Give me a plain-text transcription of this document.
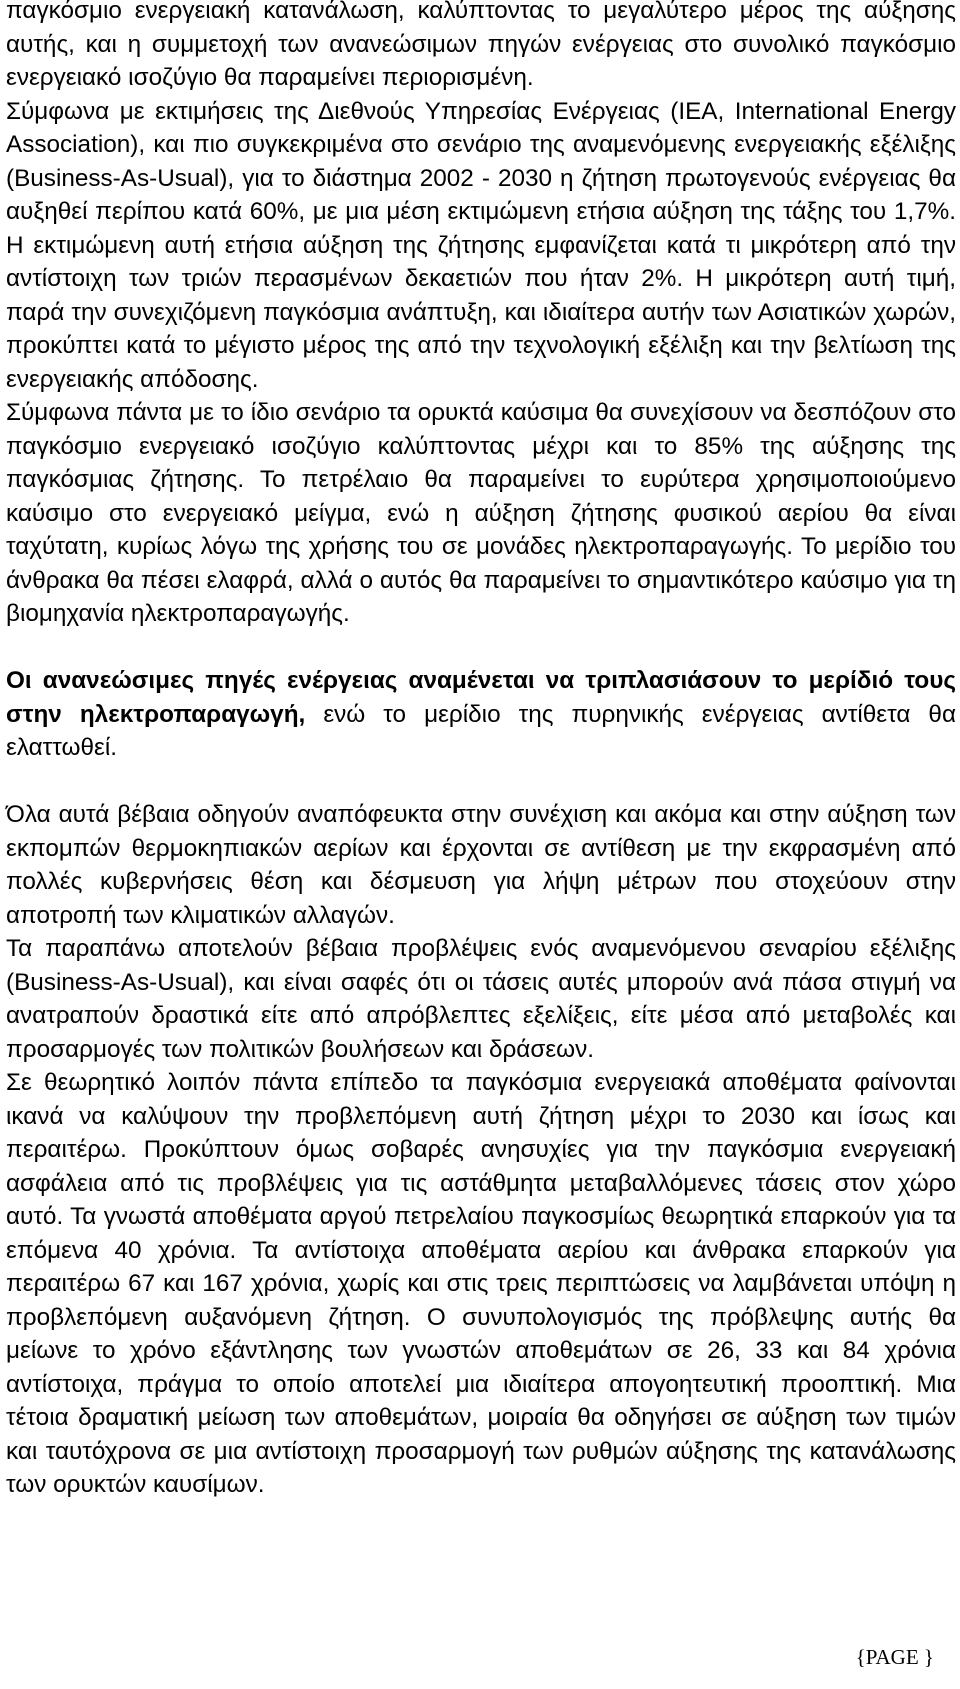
παγκόσμιο ενεργειακή κατανάλωση, καλύπτοντας το μεγαλύτερο μέρος της αύξησης αυτής, και η συμμετοχή των ανανεώσιμων πηγών ενέργειας στο συνολικό παγκόσμιο ενεργειακό ισοζύγιο θα παραμείνει περιορισμένη.

Σύμφωνα με εκτιμήσεις της Διεθνούς Υπηρεσίας Ενέργειας (IEA, International Energy Association), και πιο συγκεκριμένα στο σενάριο της αναμενόμενης ενεργειακής εξέλιξης (Business-As-Usual), για το διάστημα 2002 - 2030 η ζήτηση πρωτογενούς ενέργειας θα αυξηθεί περίπου κατά 60%, με μια μέση εκτιμώμενη ετήσια αύξηση της τάξης του 1,7%. Η εκτιμώμενη αυτή ετήσια αύξηση της ζήτησης εμφανίζεται κατά τι μικρότερη από την αντίστοιχη των τριών περασμένων δεκαετιών που ήταν 2%. Η μικρότερη αυτή τιμή, παρά την συνεχιζόμενη παγκόσμια ανάπτυξη, και ιδιαίτερα αυτήν των Ασιατικών χωρών, προκύπτει κατά το μέγιστο μέρος της από την τεχνολογική εξέλιξη και την βελτίωση της ενεργειακής απόδοσης.

Σύμφωνα πάντα με το ίδιο σενάριο τα ορυκτά καύσιμα θα συνεχίσουν να δεσπόζουν στο παγκόσμιο ενεργειακό ισοζύγιο καλύπτοντας μέχρι και το 85% της αύξησης της παγκόσμιας ζήτησης. Το πετρέλαιο θα παραμείνει το ευρύτερα χρησιμοποιούμενο καύσιμο στο ενεργειακό μείγμα, ενώ η αύξηση ζήτησης φυσικού αερίου θα είναι ταχύτατη, κυρίως λόγω της χρήσης του σε μονάδες ηλεκτροπαραγωγής. Το μερίδιο του άνθρακα θα πέσει ελαφρά, αλλά ο αυτός θα παραμείνει το σημαντικότερο καύσιμο για τη βιομηχανία ηλεκτροπαραγωγής.

Οι ανανεώσιμες πηγές ενέργειας αναμένεται να τριπλασιάσουν το μερίδιό τους στην ηλεκτροπαραγωγή, ενώ το μερίδιο της πυρηνικής ενέργειας αντίθετα θα ελαττωθεί.

Όλα αυτά βέβαια οδηγούν αναπόφευκτα στην συνέχιση και ακόμα και στην αύξηση των εκπομπών θερμοκηπιακών αερίων και έρχονται σε αντίθεση με την εκφρασμένη από πολλές κυβερνήσεις θέση και δέσμευση για λήψη μέτρων που στοχεύουν στην αποτροπή των κλιματικών αλλαγών.

Τα παραπάνω αποτελούν βέβαια προβλέψεις ενός αναμενόμενου σεναρίου εξέλιξης (Business-As-Usual), και είναι σαφές ότι οι τάσεις αυτές μπορούν ανά πάσα στιγμή να ανατραπούν δραστικά είτε από απρόβλεπτες εξελίξεις, είτε μέσα από μεταβολές και προσαρμογές των πολιτικών βουλήσεων και δράσεων.

Σε θεωρητικό λοιπόν πάντα επίπεδο τα παγκόσμια ενεργειακά αποθέματα φαίνονται ικανά να καλύψουν την προβλεπόμενη αυτή ζήτηση μέχρι το 2030 και ίσως και περαιτέρω. Προκύπτουν όμως σοβαρές ανησυχίες για την παγκόσμια ενεργειακή ασφάλεια από τις προβλέψεις για τις αστάθμητα μεταβαλλόμενες τάσεις στον χώρο αυτό. Τα γνωστά αποθέματα αργού πετρελαίου παγκοσμίως θεωρητικά επαρκούν για τα επόμενα 40 χρόνια. Τα αντίστοιχα αποθέματα αερίου και άνθρακα επαρκούν για περαιτέρω 67 και 167 χρόνια, χωρίς και στις τρεις περιπτώσεις να λαμβάνεται υπόψη η προβλεπόμενη αυξανόμενη ζήτηση. Ο συνυπολογισμός της πρόβλεψης αυτής θα μείωνε το χρόνο εξάντλησης των γνωστών αποθεμάτων σε 26, 33 και 84 χρόνια αντίστοιχα, πράγμα το οποίο αποτελεί μια ιδιαίτερα απογοητευτική προοπτική. Μια τέτοια δραματική μείωση των αποθεμάτων, μοιραία θα οδηγήσει σε αύξηση των τιμών και ταυτόχρονα σε μια αντίστοιχη προσαρμογή των ρυθμών αύξησης της κατανάλωσης των ορυκτών καυσίμων.

{PAGE }
